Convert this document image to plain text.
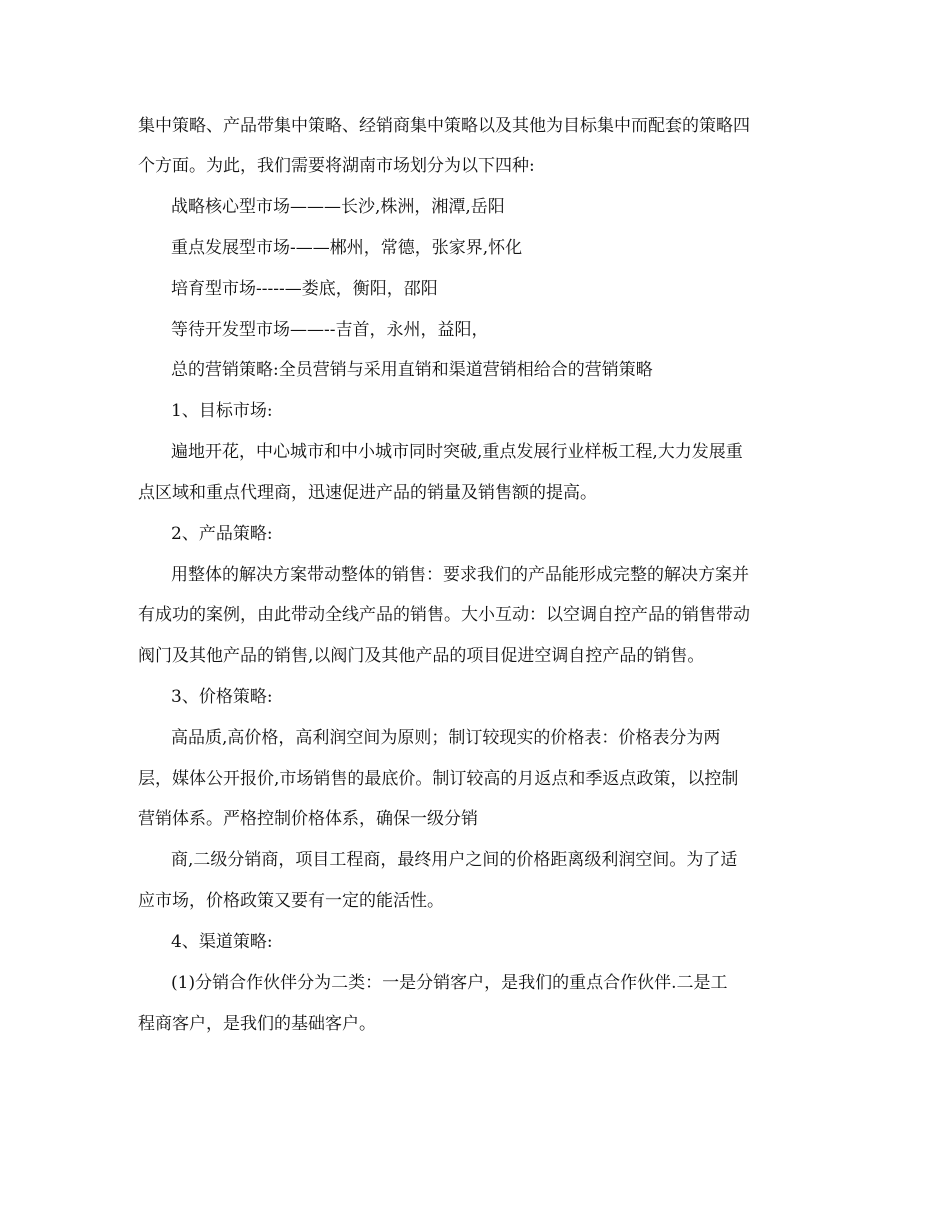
集中策略、产品带集中策略、经销商集中策略以及其他为目标集中而配套的策略四
个方面。为此，我们需要将湖南市场划分为以下四种:
战略核心型市场———长沙,株洲，湘潭,岳阳
重点发展型市场-——郴州，常德，张家界,怀化
培育型市场-----—娄底，衡阳，邵阳
等待开发型市场——--吉首，永州，益阳，
总的营销策略:全员营销与采用直销和渠道营销相给合的营销策略
1、目标市场:
遍地开花，中心城市和中小城市同时突破,重点发展行业样板工程,大力发展重
点区域和重点代理商，迅速促进产品的销量及销售额的提高。
2、产品策略:
用整体的解决方案带动整体的销售：要求我们的产品能形成完整的解决方案并
有成功的案例，由此带动全线产品的销售。大小互动：以空调自控产品的销售带动
阀门及其他产品的销售,以阀门及其他产品的项目促进空调自控产品的销售。
3、价格策略:
高品质,高价格，高利润空间为原则；制订较现实的价格表：价格表分为两
层，媒体公开报价,市场销售的最底价。制订较高的月返点和季返点政策，以控制
营销体系。严格控制价格体系，确保一级分销
商,二级分销商，项目工程商，最终用户之间的价格距离级利润空间。为了适
应市场，价格政策又要有一定的能活性。
4、渠道策略:
(1)分销合作伙伴分为二类：一是分销客户，是我们的重点合作伙伴.二是工
程商客户，是我们的基础客户。
